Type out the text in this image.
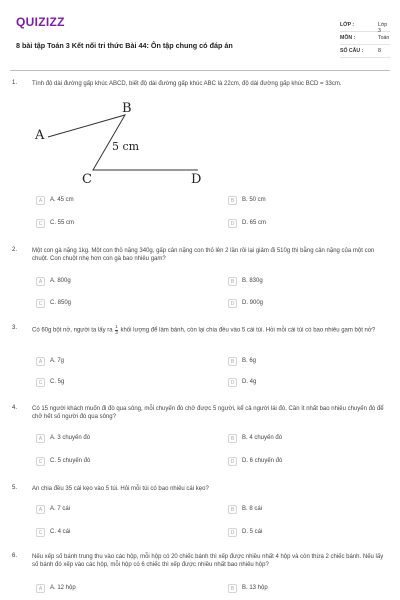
QUIZIZZ
8 bài tập Toán 3 Kết nối tri thức Bài 44: Ôn tập chung có đáp án
LỚP :	Lớp 3
MÔN :	Toán
SỐ CÂU :	8
1. Tính độ dài đường gấp khúc ABCD, biết độ dài đường gấp khúc ABC là 22cm, độ dài đường gấp khúc BCD = 33cm.
A	A. 45 cm	B	B. 50 cm
C	C. 55 cm	D	D. 65 cm
A
B
C	D
5 cm
2. Một con gà nặng 1kg. Một con thỏ nặng 340g, gấp cân nặng con thỏ lên 2 lần rồi lại giảm đi 510g thì bằng cân nặng của một con chuột. Con chuột nhẹ hơn con gà bao nhiêu gam?
A	A. 800g	B	B. 830g
C	C. 850g	D	D. 900g
3. Có 60g bột nở, người ta lấy ra $\frac{1}{3}$ khối lượng để làm bánh, còn lại chia đều vào 5 cái túi. Hỏi mỗi cái túi có bao nhiêu gam bột nở?
A	A. 7g	B	B. 6g
C	C. 5g	D	D. 4g
4. Có 15 người khách muốn đi đò qua sông, mỗi chuyến đò chở được 5 người, kể cả người lái đò. Cần ít nhất bao nhiêu chuyến đò để chở hết số người đó qua sông?
A	A. 3 chuyến đò	B	B. 4 chuyến đò
C	C. 5 chuyến đò	D	D. 6 chuyến đò
5. An chia đều 35 cái kẹo vào 5 túi. Hỏi mỗi túi có bao nhiêu cái kẹo?
A	A. 7 cái	B	B. 8 cái
C	C. 4 cái	D	D. 5 cái
6. Nếu xếp số bánh trung thu vào các hộp, mỗi hộp có 20 chiếc bánh thì xếp được nhiều nhất 4 hộp và còn thừa 2 chiếc bánh. Nếu lấy số bánh đó xếp vào các hộp, mỗi hộp có 6 chiếc thì xếp được nhiều nhất bao nhiêu hộp?
A	A. 12 hộp	B	B. 13 hộp
